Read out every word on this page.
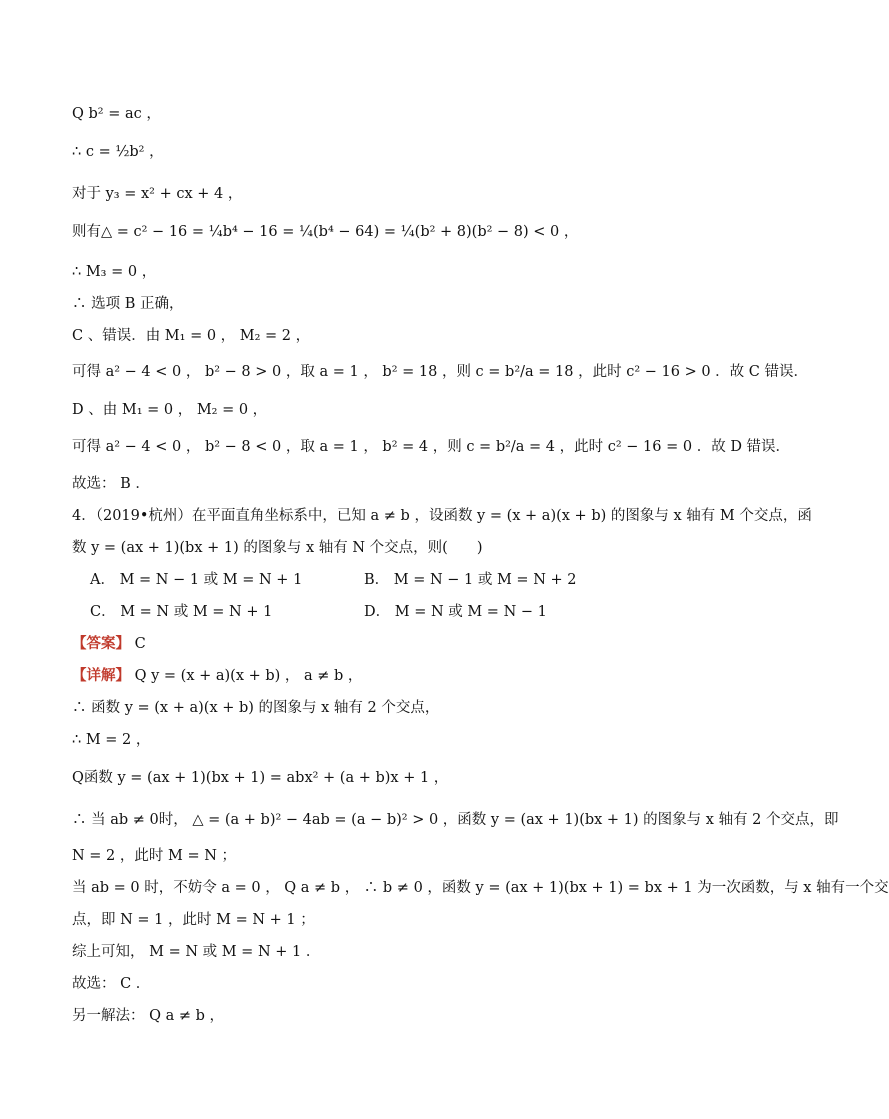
Q b² = ac ，
∴ c = ½b² ，
对于 y₃ = x² + cx + 4 ，
则有△ = c² − 16 = ¼b⁴ − 16 = ¼(b⁴ − 64) = ¼(b² + 8)(b² − 8) < 0 ，
∴ M₃ = 0 ，
∴ 选项 B 正确，
C 、错误．由 M₁ = 0 ， M₂ = 2 ，
可得 a² − 4 < 0 ， b² − 8 > 0 ，取 a = 1 ， b² = 18 ，则 c = b²/a = 18 ，此时 c² − 16 > 0 ．故 C 错误．
D 、由 M₁ = 0 ， M₂ = 0 ，
可得 a² − 4 < 0 ， b² − 8 < 0 ，取 a = 1 ， b² = 4 ，则 c = b²/a = 4 ，此时 c² − 16 = 0 ．故 D 错误．
故选： B ．
4．（2019•杭州）在平面直角坐标系中，已知 a ≠ b ，设函数 y = (x + a)(x + b) 的图象与 x 轴有 M 个交点，函
数 y = (ax + 1)(bx + 1) 的图象与 x 轴有 N 个交点，则(　　)
A． M = N − 1 或 M = N + 1	B． M = N − 1 或 M = N + 2
C． M = N 或 M = N + 1	D． M = N 或 M = N − 1
【答案】 C
【详解】 Q y = (x + a)(x + b) ， a ≠ b ，
∴ 函数 y = (x + a)(x + b) 的图象与 x 轴有 2 个交点，
∴ M = 2 ，
Q函数 y = (ax + 1)(bx + 1) = abx² + (a + b)x + 1 ，
∴ 当 ab ≠ 0时， △ = (a + b)² − 4ab = (a − b)² > 0 ，函数 y = (ax + 1)(bx + 1) 的图象与 x 轴有 2 个交点，即
N = 2 ，此时 M = N ；
当 ab = 0 时，不妨令 a = 0 ， Q a ≠ b ， ∴ b ≠ 0 ，函数 y = (ax + 1)(bx + 1) = bx + 1 为一次函数，与 x 轴有一个交
点，即 N = 1 ，此时 M = N + 1 ；
综上可知， M = N 或 M = N + 1 ．
故选： C ．
另一解法： Q a ≠ b ，
